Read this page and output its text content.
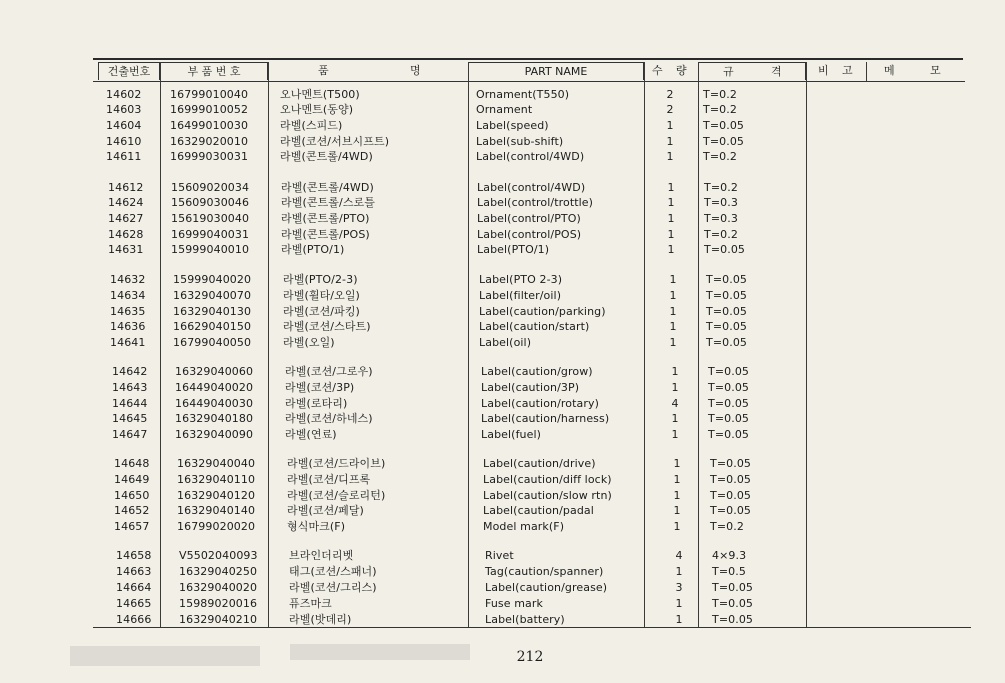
건출번호	부 품 번 호	품	명	PART NAME	수 량	규	격	비 고	메	모
14602	16799010040	오나멘트(T500)	Ornament(T550)	2	T=0.2
14603	16999010052	오나멘트(동양)	Ornament	2	T=0.2
14604	16499010030	라벨(스피드)	Label(speed)	1	T=0.05
14610	16329020010	라벨(코션/서브시프트)	Label(sub-shift)	1	T=0.05
14611	16999030031	라벨(콘트롤/4WD)	Label(control/4WD)	1	T=0.2
14612	15609020034	라벨(콘트롤/4WD)	Label(control/4WD)	1	T=0.2
14624	15609030046	라벨(콘트롤/스로틀	Label(control/trottle)	1	T=0.3
14627	15619030040	라벨(콘트롤/PTO)	Label(control/PTO)	1	T=0.3
14628	16999040031	라벨(콘트롤/POS)	Label(control/POS)	1	T=0.2
14631	15999040010	라벨(PTO/1)	Label(PTO/1)	1	T=0.05
14632	15999040020	라벨(PTO/2-3)	Label(PTO 2-3)	1	T=0.05
14634	16329040070	라벨(휠타/오일)	Label(filter/oil)	1	T=0.05
14635	16329040130	라벨(코션/파킹)	Label(caution/parking)	1	T=0.05
14636	16629040150	라벨(코션/스타트)	Label(caution/start)	1	T=0.05
14641	16799040050	라벨(오일)	Label(oil)	1	T=0.05
14642	16329040060	라벨(코션/그로우)	Label(caution/grow)	1	T=0.05
14643	16449040020	라벨(코션/3P)	Label(caution/3P)	1	T=0.05
14644	16449040030	라벨(로타리)	Label(caution/rotary)	4	T=0.05
14645	16329040180	라벨(코션/하네스)	Label(caution/harness)	1	T=0.05
14647	16329040090	라벨(연료)	Label(fuel)	1	T=0.05
14648	16329040040	라벨(코션/드라이브)	Label(caution/drive)	1	T=0.05
14649	16329040110	라벨(코션/디프록	Label(caution/diff lock)	1	T=0.05
14650	16329040120	라벨(코션/슬로리턴)	Label(caution/slow rtn)	1	T=0.05
14652	16329040140	라벨(코션/페달)	Label(caution/padal	1	T=0.05
14657	16799020020	형식마크(F)	Model mark(F)	1	T=0.2
14658	V5502040093	브라인더리벳	Rivet	4	4×9.3
14663	16329040250	태그(코션/스패너)	Tag(caution/spanner)	1	T=0.5
14664	16329040020	라벨(코션/그리스)	Label(caution/grease)	3	T=0.05
14665	15989020016	퓨즈마크	Fuse mark	1	T=0.05
14666	16329040210	라벨(밧데리)	Label(battery)	1	T=0.05
212
